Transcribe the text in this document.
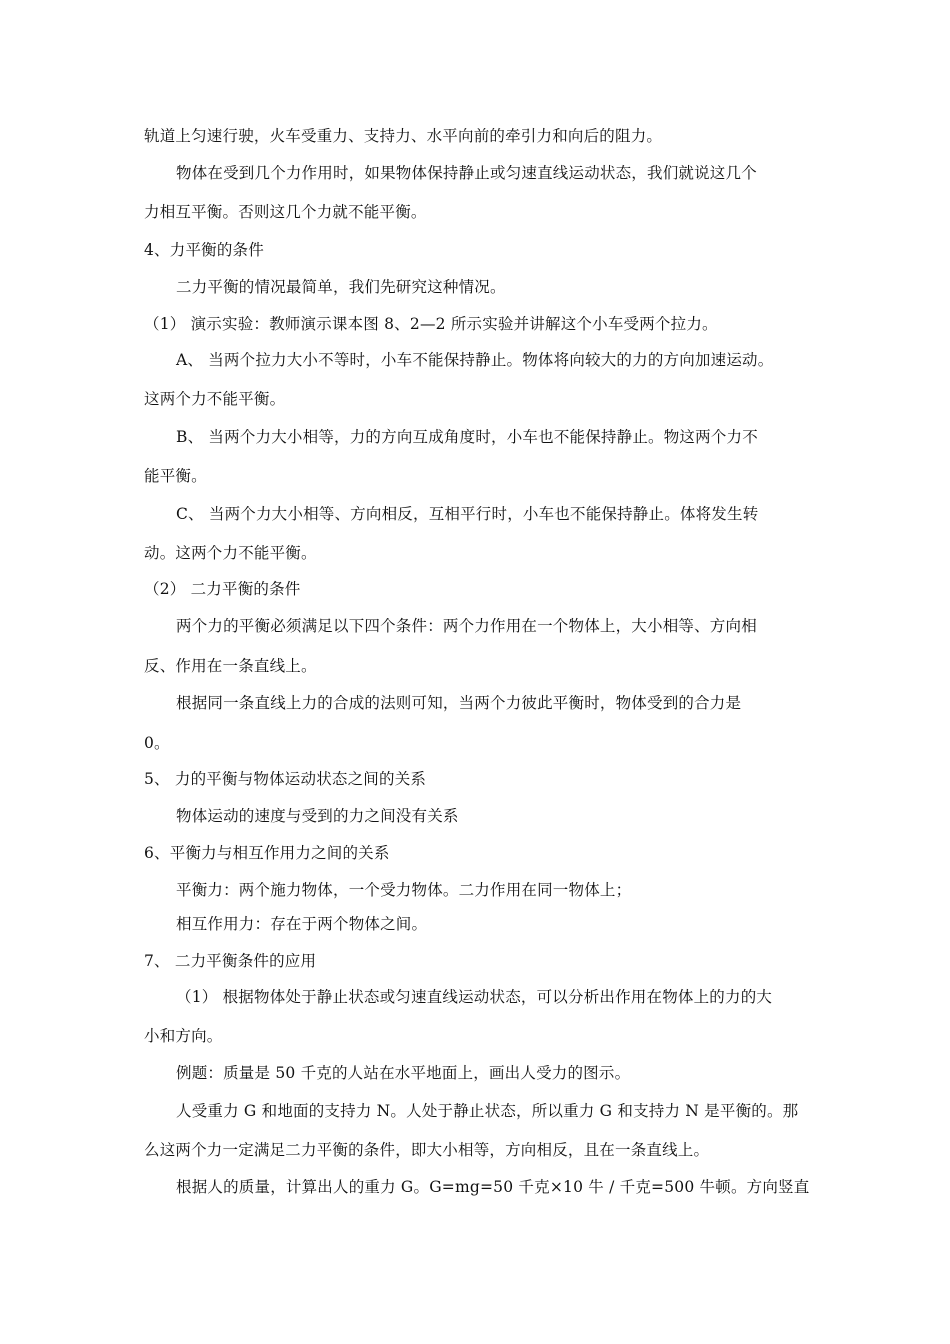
轨道上匀速行驶，火车受重力、支持力、水平向前的牵引力和向后的阻力。
物体在受到几个力作用时，如果物体保持静止或匀速直线运动状态，我们就说这几个
力相互平衡。否则这几个力就不能平衡。
4、力平衡的条件
二力平衡的情况最简单，我们先研究这种情况。
（1） 演示实验：教师演示课本图 8、2—2 所示实验并讲解这个小车受两个拉力。
A、 当两个拉力大小不等时，小车不能保持静止。物体将向较大的力的方向加速运动。
这两个力不能平衡。
B、 当两个力大小相等，力的方向互成角度时，小车也不能保持静止。物这两个力不
能平衡。
C、 当两个力大小相等、方向相反，互相平行时，小车也不能保持静止。体将发生转
动。这两个力不能平衡。
（2） 二力平衡的条件
两个力的平衡必须满足以下四个条件：两个力作用在一个物体上，大小相等、方向相
反、作用在一条直线上。
根据同一条直线上力的合成的法则可知，当两个力彼此平衡时，物体受到的合力是
0。
5、 力的平衡与物体运动状态之间的关系
物体运动的速度与受到的力之间没有关系
6、平衡力与相互作用力之间的关系
平衡力：两个施力物体，一个受力物体。二力作用在同一物体上；
相互作用力：存在于两个物体之间。
7、 二力平衡条件的应用
（1） 根据物体处于静止状态或匀速直线运动状态，可以分析出作用在物体上的力的大
小和方向。
例题：质量是 50 千克的人站在水平地面上，画出人受力的图示。
人受重力 G 和地面的支持力 N。人处于静止状态，所以重力 G 和支持力 N 是平衡的。那
么这两个力一定满足二力平衡的条件，即大小相等，方向相反，且在一条直线上。
根据人的质量，计算出人的重力 G。G=mg=50 千克×10 牛 / 千克=500 牛顿。方向竖直
